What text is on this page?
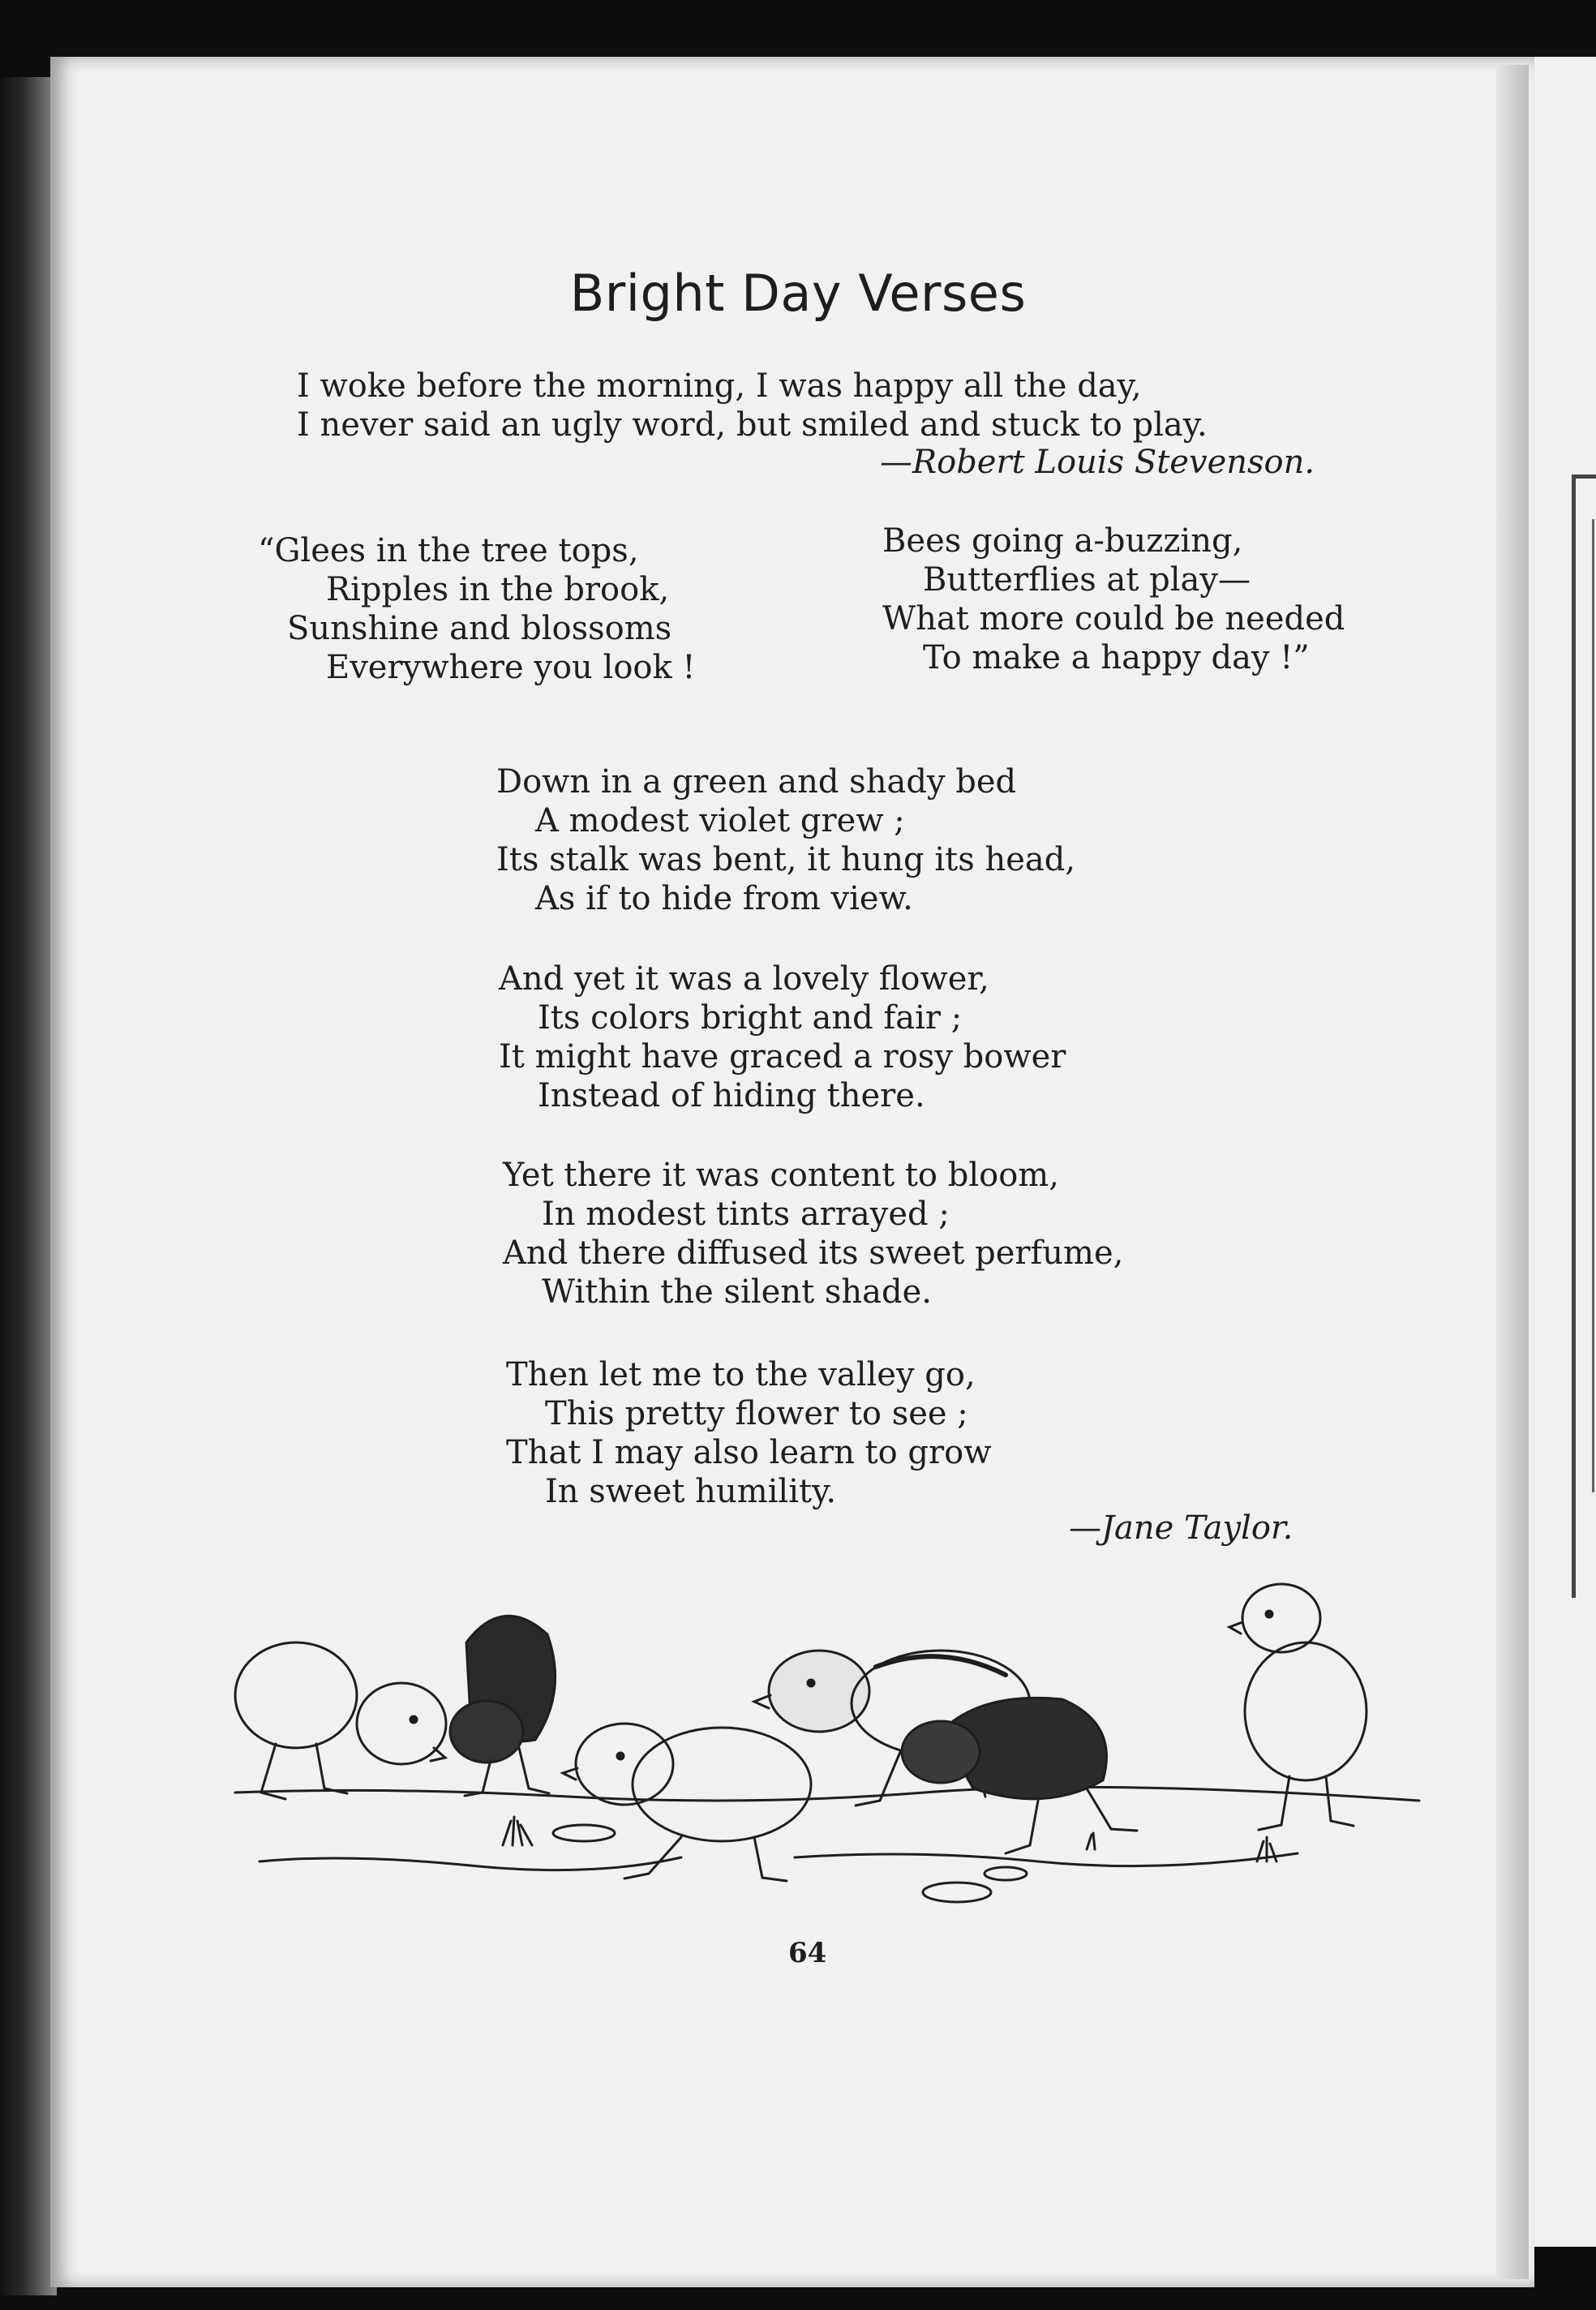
Bright Day Verses
I woke before the morning, I was happy all the day,
I never said an ugly word, but smiled and stuck to play.
—Robert Louis Stevenson.
“Glees in the tree tops,
Ripples in the brook,
Sunshine and blossoms
Everywhere you look !
Bees going a-buzzing,
Butterflies at play—
What more could be needed
To make a happy day !”
Down in a green and shady bed
A modest violet grew ;
Its stalk was bent, it hung its head,
As if to hide from view.
And yet it was a lovely flower,
Its colors bright and fair ;
It might have graced a rosy bower
Instead of hiding there.
Yet there it was content to bloom,
In modest tints arrayed ;
And there diffused its sweet perfume,
Within the silent shade.
Then let me to the valley go,
This pretty flower to see ;
That I may also learn to grow
In sweet humility.
—Jane Taylor.
64
